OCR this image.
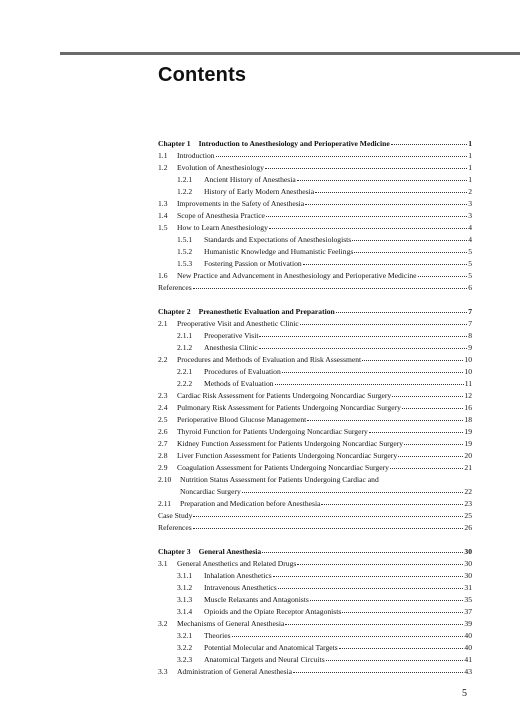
Contents
Chapter 1 Introduction to Anesthesiology and Perioperative Medicine	1
1.1	Introduction	1
1.2	Evolution of Anesthesiology	1
1.2.1	Ancient History of Anesthesia	1
1.2.2	History of Early Modern Anesthesia	2
1.3	Improvements in the Safety of Anesthesia	3
1.4	Scope of Anesthesia Practice	3
1.5	How to Learn Anesthesiology	4
1.5.1	Standards and Expectations of Anesthesiologists	4
1.5.2	Humanistic Knowledge and Humanistic Feelings	5
1.5.3	Fostering Passion or Motivation	5
1.6	New Practice and Advancement in Anesthesiology and Perioperative Medicine	5
References	6
Chapter 2 Preanesthetic Evaluation and Preparation	7
2.1	Preoperative Visit and Anesthetic Clinic	7
2.1.1	Preoperative Visit	8
2.1.2	Anesthesia Clinic	9
2.2	Procedures and Methods of Evaluation and Risk Assessment	10
2.2.1	Procedures of Evaluation	10
2.2.2	Methods of Evaluation	11
2.3	Cardiac Risk Assessment for Patients Undergoing Noncardiac Surgery	12
2.4	Pulmonary Risk Assessment for Patients Undergoing Noncardiac Surgery	16
2.5	Perioperative Blood Glucose Management	18
2.6	Thyroid Function for Patients Undergoing Noncardiac Surgery	19
2.7	Kidney Function Assessment for Patients Undergoing Noncardiac Surgery	19
2.8	Liver Function Assessment for Patients Undergoing Noncardiac Surgery	20
2.9	Coagulation Assessment for Patients Undergoing Noncardiac Surgery	21
2.10	Nutrition Status Assessment for Patients Undergoing Cardiac and
Noncardiac Surgery	22
2.11	Preparation and Medication before Anesthesia	23
Case Study	25
References	26
Chapter 3 General Anesthesia	30
3.1	General Anesthetics and Related Drugs	30
3.1.1	Inhalation Anesthetics	30
3.1.2	Intravenous Anesthetics	31
3.1.3	Muscle Relaxants and Antagonists	35
3.1.4	Opioids and the Opiate Receptor Antagonists	37
3.2	Mechanisms of General Anesthesia	39
3.2.1	Theories	40
3.2.2	Potential Molecular and Anatomical Targets	40
3.2.3	Anatomical Targets and Neural Circuits	41
3.3	Administration of General Anesthesia	43
5
